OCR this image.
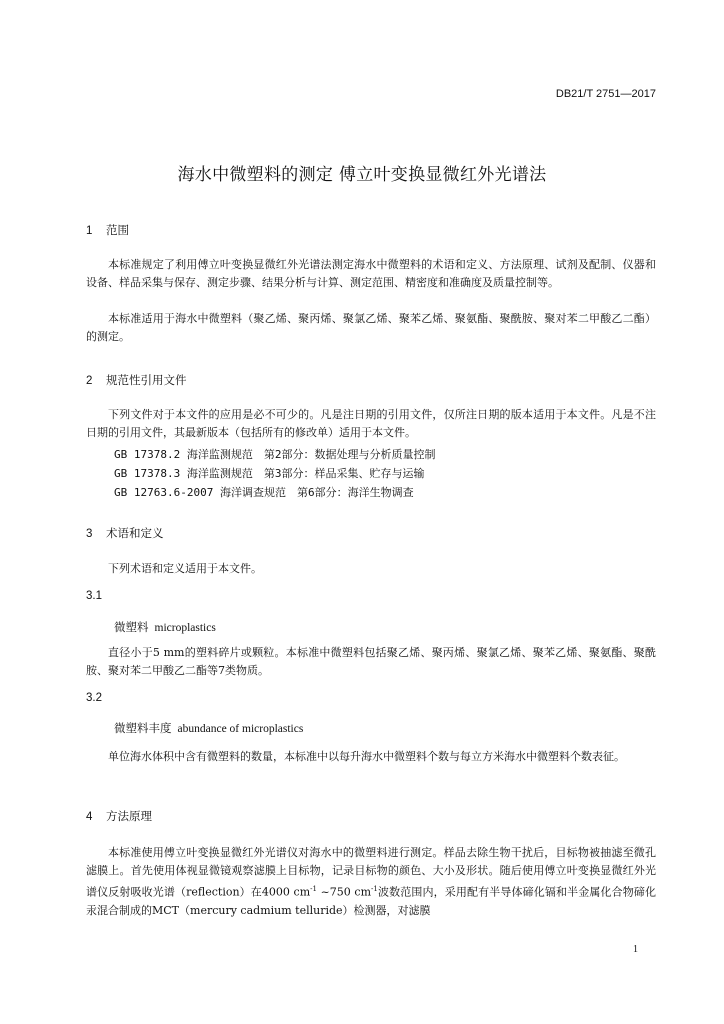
DB21/T 2751—2017
海水中微塑料的测定 傅立叶变换显微红外光谱法
1 范围
本标准规定了利用傅立叶变换显微红外光谱法测定海水中微塑料的术语和定义、方法原理、试剂及配制、仪器和设备、样品采集与保存、测定步骤、结果分析与计算、测定范围、精密度和准确度及质量控制等。
本标准适用于海水中微塑料（聚乙烯、聚丙烯、聚氯乙烯、聚苯乙烯、聚氨酯、聚酰胺、聚对苯二甲酸乙二酯）的测定。
2 规范性引用文件
下列文件对于本文件的应用是必不可少的。凡是注日期的引用文件，仅所注日期的版本适用于本文件。凡是不注日期的引用文件，其最新版本（包括所有的修改单）适用于本文件。
GB 17378.2 海洋监测规范　第2部分：数据处理与分析质量控制
GB 17378.3 海洋监测规范　第3部分：样品采集、贮存与运输
GB 12763.6-2007 海洋调查规范　第6部分：海洋生物调查
3 术语和定义
下列术语和定义适用于本文件。
3.1
微塑料 microplastics
直径小于5 mm的塑料碎片或颗粒。本标准中微塑料包括聚乙烯、聚丙烯、聚氯乙烯、聚苯乙烯、聚氨酯、聚酰胺、聚对苯二甲酸乙二酯等7类物质。
3.2
微塑料丰度 abundance of microplastics
单位海水体积中含有微塑料的数量，本标准中以每升海水中微塑料个数与每立方米海水中微塑料个数表征。
4 方法原理
本标准使用傅立叶变换显微红外光谱仪对海水中的微塑料进行测定。样品去除生物干扰后，目标物被抽滤至微孔滤膜上。首先使用体视显微镜观察滤膜上目标物，记录目标物的颜色、大小及形状。随后使用傅立叶变换显微红外光谱仪反射吸收光谱（reflection）在4000 $cm^{-1}$ ~750 $cm^{-1}$波数范围内，采用配有半导体碲化镉和半金属化合物碲化汞混合制成的MCT（mercury cadmium telluride）检测器，对滤膜
1
